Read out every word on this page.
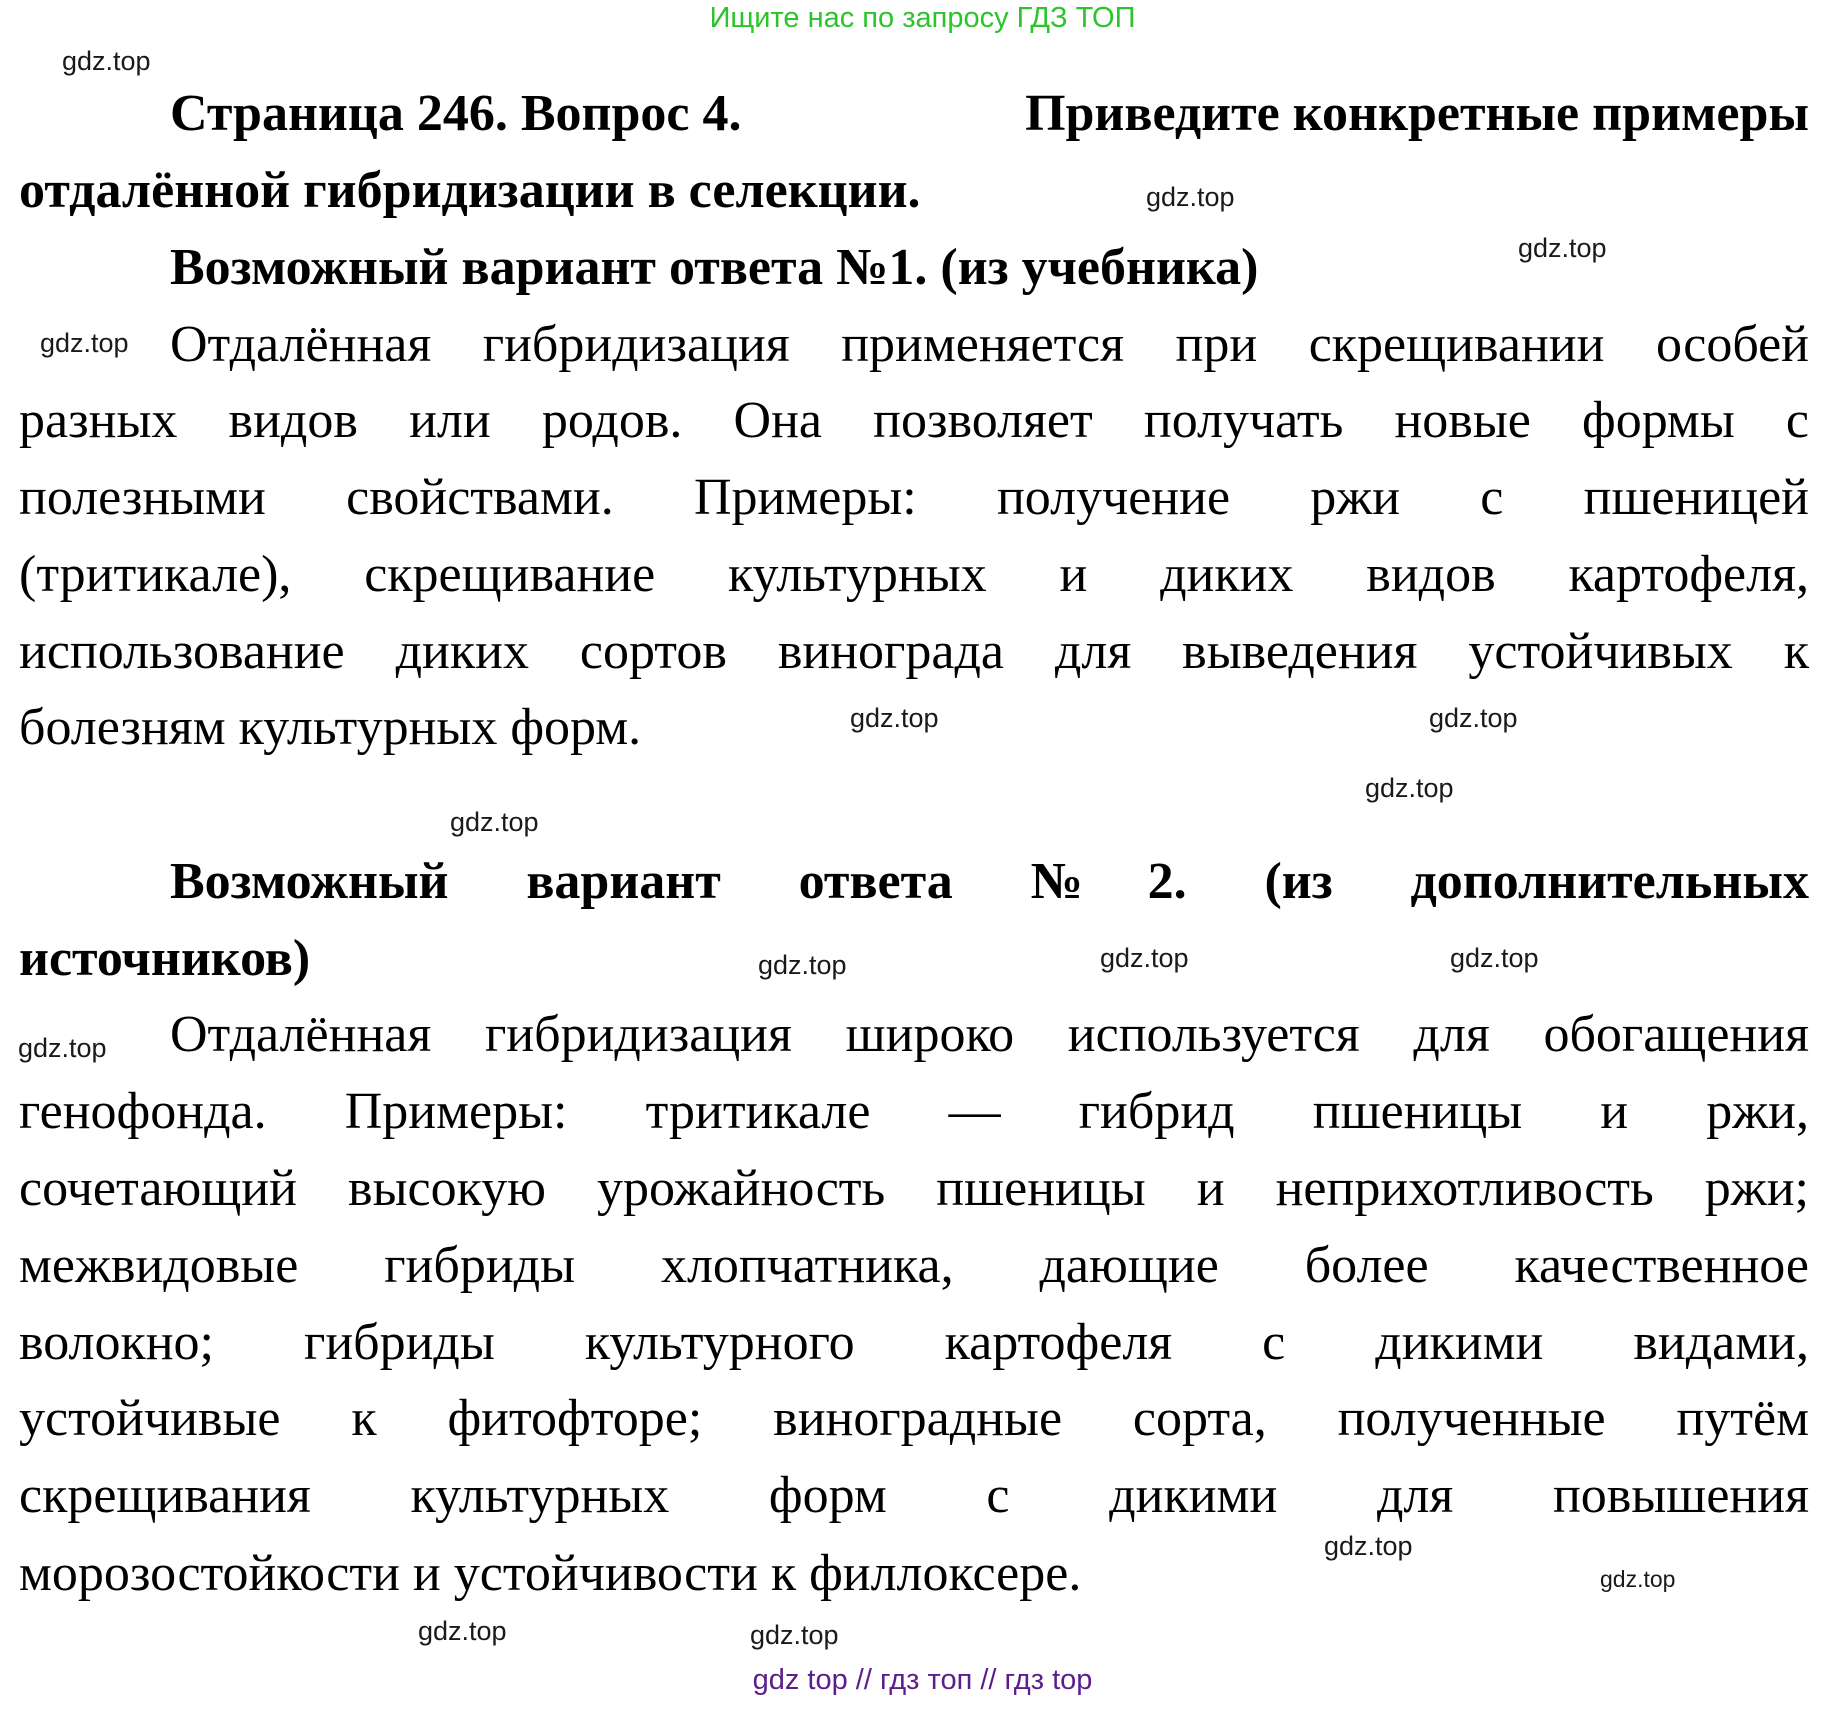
Ищите нас по запросу ГДЗ ТОП
Страница 246. Вопрос 4.	Приведите конкретные примеры
отдалённой гибридизации в селекции.
Возможный вариант ответа №1. (из учебника)
Отдалённая гибридизация применяется при скрещивании особей
разных видов или родов. Она позволяет получать новые формы с
полезными свойствами. Примеры: получение ржи с пшеницей
(тритикале), скрещивание культурных и диких видов картофеля,
использование диких сортов винограда для выведения устойчивых к
болезням культурных форм.
Возможный вариант ответа №2. (из дополнительных
источников)
Отдалённая гибридизация широко используется для обогащения
генофонда. Примеры: тритикале — гибрид пшеницы и ржи,
сочетающий высокую урожайность пшеницы и неприхотливость ржи;
межвидовые гибриды хлопчатника, дающие более качественное
волокно; гибриды культурного картофеля с дикими видами,
устойчивые к фитофторе; виноградные сорта, полученные путём
скрещивания культурных форм с дикими для повышения
морозостойкости и устойчивости к филлоксере.
gdz.top
gdz.top
gdz.top
gdz.top
gdz.top
gdz.top
gdz.top
gdz.top
gdz.top
gdz.top
gdz.top	gdz.top
gdz.top
gdz.top
gdz.top
gdz.top
gdz top // гдз топ // гдз top
